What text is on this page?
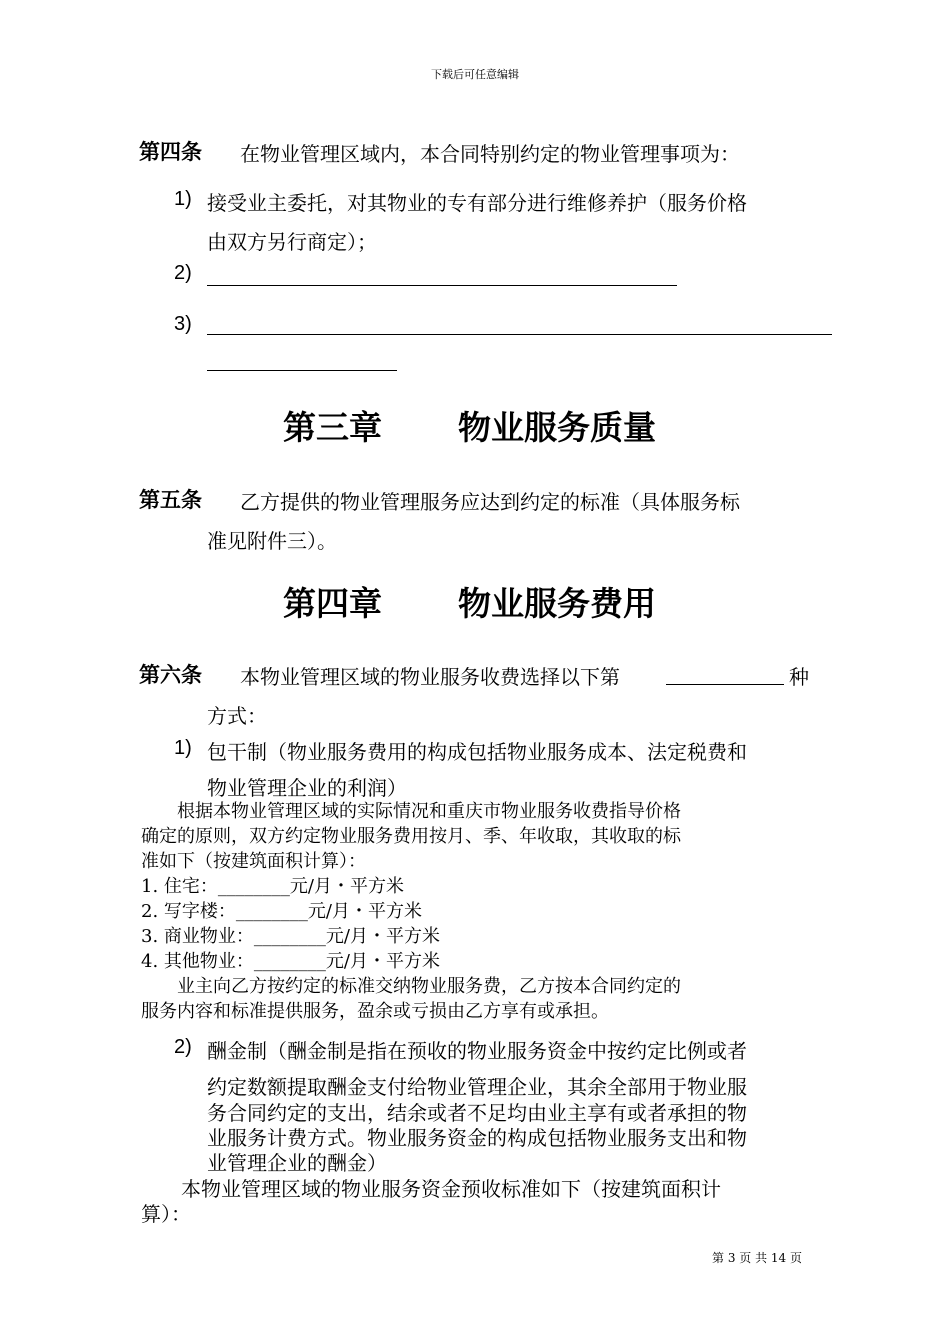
下载后可任意编辑
第四条 在物业管理区域内，本合同特别约定的物业管理事项为：
1) 接受业主委托，对其物业的专有部分进行维修养护（服务价格
由双方另行商定）；
2)
3)
第三章 物业服务质量
第五条 乙方提供的物业管理服务应达到约定的标准（具体服务标
准见附件三）。
第四章 物业服务费用
第六条 本物业管理区域的物业服务收费选择以下第	种
方式：
1) 包干制（物业服务费用的构成包括物业服务成本、法定税费和
物业管理企业的利润）
　　根据本物业管理区域的实际情况和重庆市物业服务收费指导价格
确定的原则，双方约定物业服务费用按月、季、年收取，其收取的标
准如下（按建筑面积计算）：
1. 住宅：________元/月・平方米
2. 写字楼：________元/月・平方米
3. 商业物业：________元/月・平方米
4. 其他物业：________元/月・平方米
　　业主向乙方按约定的标准交纳物业服务费，乙方按本合同约定的
服务内容和标准提供服务，盈余或亏损由乙方享有或承担。
2) 酬金制（酬金制是指在预收的物业服务资金中按约定比例或者
约定数额提取酬金支付给物业管理企业，其余全部用于物业服
务合同约定的支出，结余或者不足均由业主享有或者承担的物
业服务计费方式。物业服务资金的构成包括物业服务支出和物
业管理企业的酬金）
　　本物业管理区域的物业服务资金预收标准如下（按建筑面积计
算）：
第 3 页 共 14 页
